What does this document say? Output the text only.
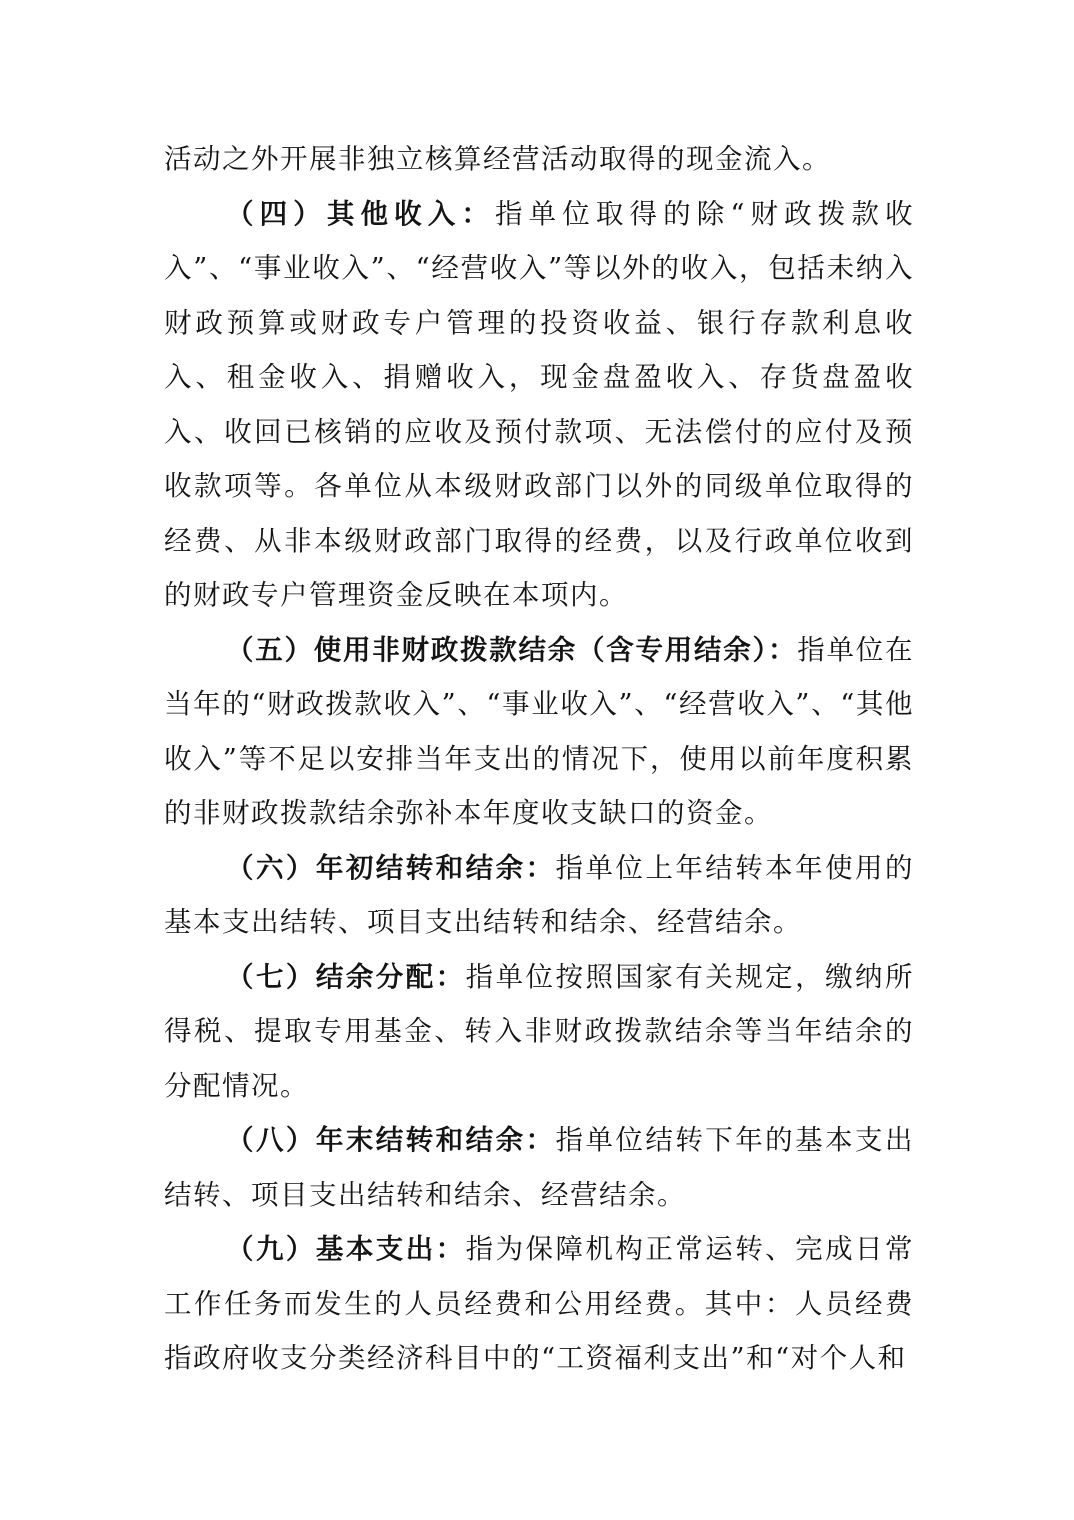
活动之外开展非独立核算经营活动取得的现金流入。

（四）其他收入：指单位取得的除“财政拨款收入”、“事业收入”、“经营收入”等以外的收入，包括未纳入财政预算或财政专户管理的投资收益、银行存款利息收入、租金收入、捐赠收入，现金盘盈收入、存货盘盈收入、收回已核销的应收及预付款项、无法偿付的应付及预收款项等。各单位从本级财政部门以外的同级单位取得的经费、从非本级财政部门取得的经费，以及行政单位收到的财政专户管理资金反映在本项内。

（五）使用非财政拨款结余（含专用结余）：指单位在当年的“财政拨款收入”、“事业收入”、“经营收入”、“其他收入”等不足以安排当年支出的情况下，使用以前年度积累的非财政拨款结余弥补本年度收支缺口的资金。

（六）年初结转和结余：指单位上年结转本年使用的基本支出结转、项目支出结转和结余、经营结余。

（七）结余分配：指单位按照国家有关规定，缴纳所得税、提取专用基金、转入非财政拨款结余等当年结余的分配情况。

（八）年末结转和结余：指单位结转下年的基本支出结转、项目支出结转和结余、经营结余。

（九）基本支出：指为保障机构正常运转、完成日常工作任务而发生的人员经费和公用经费。其中：人员经费指政府收支分类经济科目中的“工资福利支出”和“对个人和
